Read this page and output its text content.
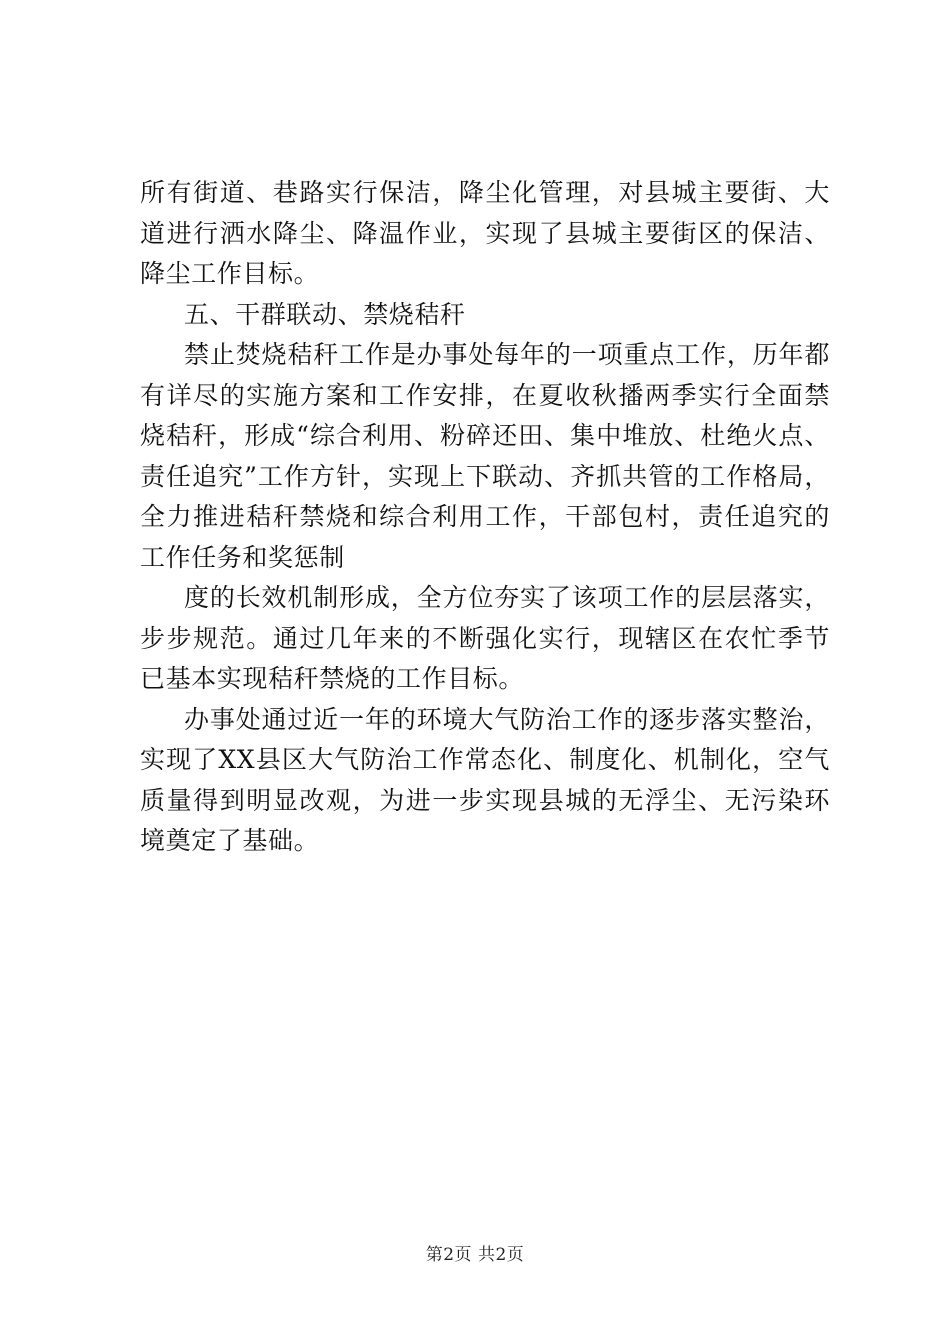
所有街道、巷路实行保洁，降尘化管理，对县城主要街、大道进行洒水降尘、降温作业，实现了县城主要街区的保洁、降尘工作目标。

五、干群联动、禁烧秸秆

禁止焚烧秸秆工作是办事处每年的一项重点工作，历年都有详尽的实施方案和工作安排，在夏收秋播两季实行全面禁烧秸秆，形成“综合利用、粉碎还田、集中堆放、杜绝火点、责任追究”工作方针，实现上下联动、齐抓共管的工作格局，全力推进秸秆禁烧和综合利用工作，干部包村，责任追究的工作任务和奖惩制

度的长效机制形成，全方位夯实了该项工作的层层落实，步步规范。通过几年来的不断强化实行，现辖区在农忙季节已基本实现秸秆禁烧的工作目标。

办事处通过近一年的环境大气防治工作的逐步落实整治，实现了XX县区大气防治工作常态化、制度化、机制化，空气质量得到明显改观，为进一步实现县城的无浮尘、无污染环境奠定了基础。

第2页 共2页
